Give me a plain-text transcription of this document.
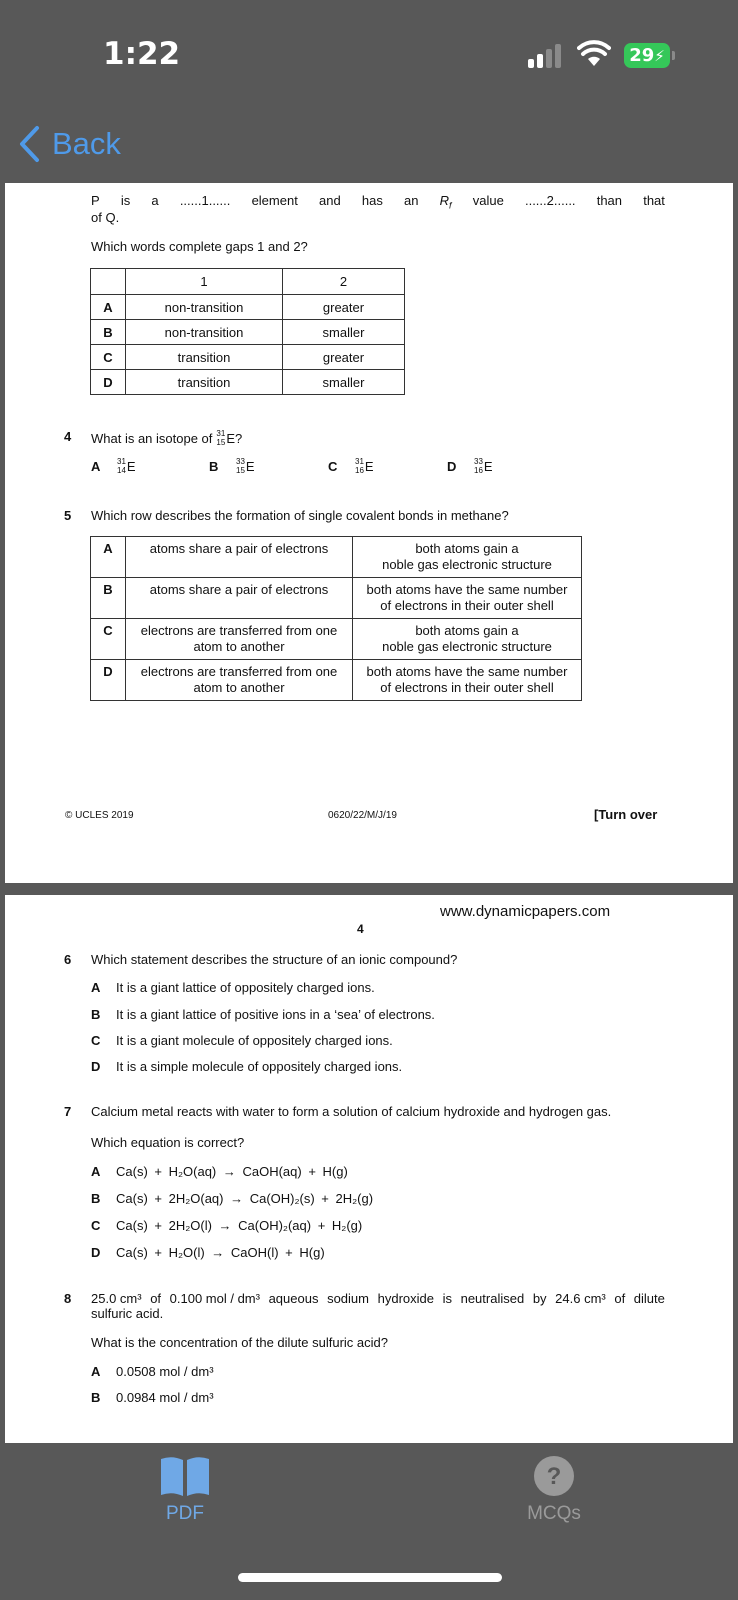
1:22	29⚡
Back
P is a ......1...... element and has an $R_f$ value ......2...... than that
of Q.
Which words complete gaps 1 and 2?
	1	2
A	non-transition	greater
B	non-transition	smaller
C	transition	greater
D	transition	smaller
4 What is an isotope of 31
15 E ?
A 31
14 E	B 33
15 E	C 31
16 E	D 33
16 E
5 Which row describes the formation of single covalent bonds in methane?
A	atoms share a pair of electrons	both atoms gain a
noble gas electronic structure
B	atoms share a pair of electrons	both atoms have the same number
of electrons in their outer shell
C	electrons are transferred from one
atom to another	both atoms gain a
noble gas electronic structure
D	electrons are transferred from one
atom to another	both atoms have the same number
of electrons in their outer shell
© UCLES 2019	0620/22/M/J/19	[Turn over
www.dynamicpapers.com
4
6 Which statement describes the structure of an ionic compound?
A It is a giant lattice of oppositely charged ions.
B It is a giant lattice of positive ions in a ‘sea’ of electrons.
C It is a giant molecule of oppositely charged ions.
D It is a simple molecule of oppositely charged ions.
7 Calcium metal reacts with water to form a solution of calcium hydroxide and hydrogen gas.
Which equation is correct?
A Ca(s) + H₂O(aq) → CaOH(aq) + H(g)
B Ca(s) + 2H₂O(aq) → Ca(OH)₂(s) + 2H₂(g)
C Ca(s) + 2H₂O(l) → Ca(OH)₂(aq) + H₂(g)
D Ca(s) + H₂O(l) → CaOH(l) + H(g)
8 25.0 cm³ of 0.100 mol / dm³ aqueous sodium hydroxide is neutralised by 24.6 cm³ of dilute
sulfuric acid.
What is the concentration of the dilute sulfuric acid?
A 0.0508 mol / dm³
B 0.0984 mol / dm³
PDF
?
MCQs
